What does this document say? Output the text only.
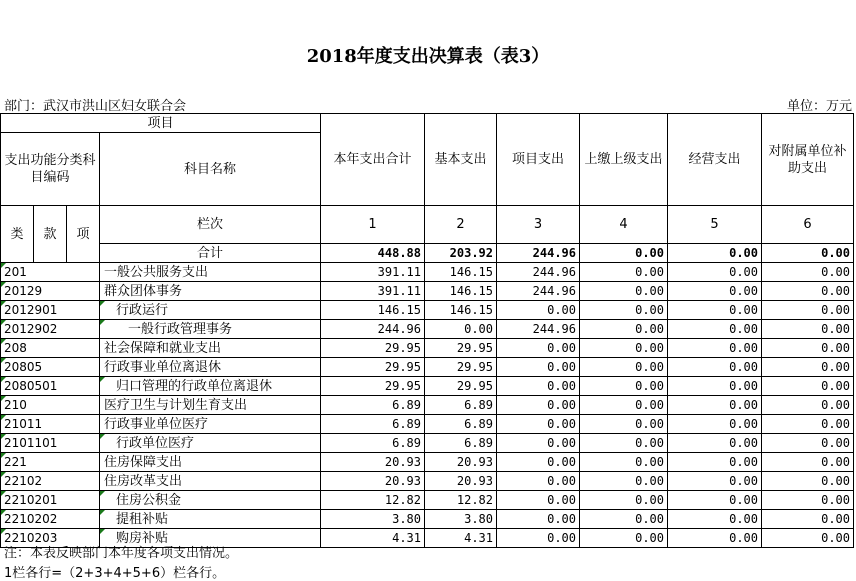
2018年度支出决算表（表3）
部门：武汉市洪山区妇女联合会	单位：万元
项目				本年支出合计	基本支出	项目支出	上缴上级支出	经营支出	对附属单位补助支出
支出功能分类科目编码			科目名称						

类	款	项	栏次	1	2	3	4	5	6
			合计	448.88	203.92	244.96	0.00	0.00	0.00

201			一般公共服务支出	391.11	146.15	244.96	0.00	0.00	0.00

20129			群众团体事务	391.11	146.15	244.96	0.00	0.00	0.00

2012901			行政运行	146.15	146.15	0.00	0.00	0.00	0.00

2012902			一般行政管理事务	244.96	0.00	244.96	0.00	0.00	0.00

208			社会保障和就业支出	29.95	29.95	0.00	0.00	0.00	0.00

20805			行政事业单位离退休	29.95	29.95	0.00	0.00	0.00	0.00

2080501			归口管理的行政单位离退休	29.95	29.95	0.00	0.00	0.00	0.00

210			医疗卫生与计划生育支出	6.89	6.89	0.00	0.00	0.00	0.00

21011			行政事业单位医疗	6.89	6.89	0.00	0.00	0.00	0.00

2101101			行政单位医疗	6.89	6.89	0.00	0.00	0.00	0.00

221			住房保障支出	20.93	20.93	0.00	0.00	0.00	0.00

22102			住房改革支出	20.93	20.93	0.00	0.00	0.00	0.00

2210201			住房公积金	12.82	12.82	0.00	0.00	0.00	0.00

2210202			提租补贴	3.80	3.80	0.00	0.00	0.00	0.00

2210203			购房补贴	4.31	4.31	0.00	0.00	0.00	0.00
注：本表反映部门本年度各项支出情况。
1栏各行=（2+3+4+5+6）栏各行。
